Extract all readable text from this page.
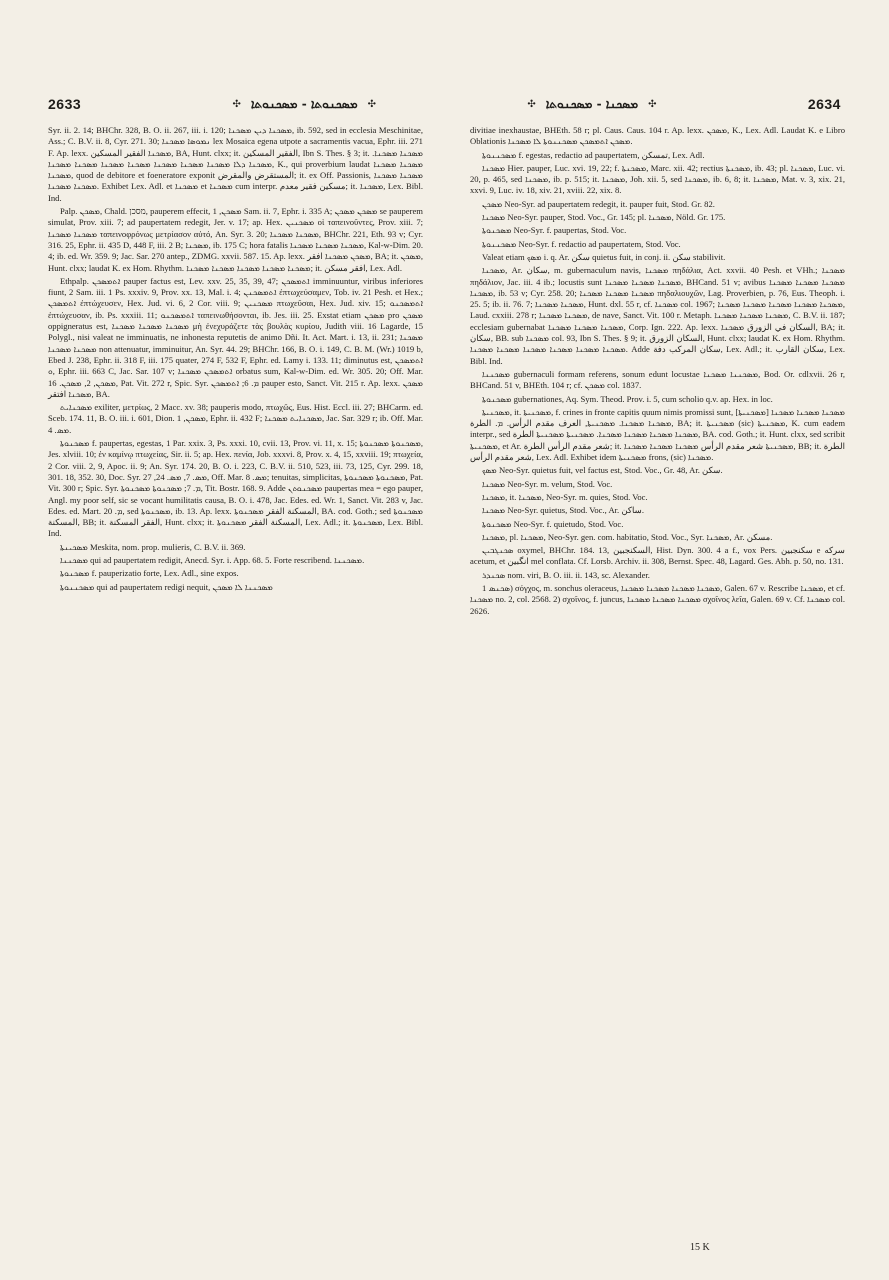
2633	✣ ܡܣܟܢܘܬܐ - ܡܣܟܢܘܬܐ ✣	✣ ܡܣܟܢܐ - ܡܣܟܢܘܬܐ ✣	2634

Syr. ii. 2. 14; BHChr. 328, B. O. ii. 267, iii. i. 120; ܡܣܟܢܐ ܕܝܢ ܡܣܟܢܐ, ib. 592, sed in ecclesia Meschinitae, Ass.; C. B.V. ii. 8, Cyr. 271. 30; ܢܡܘܣܐ ܡܣܟܢܐ lex Mosaica egena utpote a sacramentis vacua, Ephr. iii. 271 F. Ap. lexx. ܡܣܟܢܐ الفقير المسكين, BA, Hunt. clxx; it. الفقير المسكين, Ibn S. Thes. § 3; it. ܡܣܟܢܐ ܡܣܟܢܐ. ܡܣܟܢܐ ܕܠܐ ܡܣܟܢܐ ܡܣܟܢܐ ܡܣܟܢܐ ܡܣܟܢܐ ܡܣܟܢܐ ܡܣܟܢܐ ܡܣܟܢܐ, K., qui proverbium laudat ܡܣܟܢܐ ܡܣܟܢܐ ܡܣܟܢܐ, quod de debitore et foeneratore exponit المستقرض والمقرض; it. ex Off. Passionis, ܡܣܟܢܐ ܡܣܟܢܐ ܡܣܟܢܐ ܡܣܟܢܐ. Exhibet Lex. Adl. et ܡܣܟܢܐ et ܡܣܟܢܐ cum interpr. مسكين فقير معدم; it. ܡܣܟܢܐ, Lex. Bibl. Ind.

Palp. ܡܣܟܢ, Chald. מסכן, pauperem effecit, ܡܣܟܢ, 1 Sam. ii. 7, Ephr. i. 335 A; ܡܣܟܢ ܡܣܟܢ se pauperem simulat, Prov. xiii. 7; ad paupertatem redegit, Jer. v. 17; ap. Hex. ܡܣܟܢܝܢ οἱ ταπεινοῦντες, Prov. xiii. 7; ܡܣܟܢܐ ܡܣܟܢܐ ταπεινοφρόνως μετρίασον αὐτό, An. Syr. 3. 20; ܡܣܟܢܐ ܡܣܟܢܐ, BHChr. 221, Eth. 93 v; Cyr. 316. 25, Ephr. ii. 435 D, 448 F, iii. 2 B; ܡܣܟܢܐ, ib. 175 C; hora fatalis ܡܣܟܢܐ ܡܣܟܢܐ ܡܣܟܢܐ, Kal-w-Dim. 20. 4; ib. ed. Wr. 359. 9; Jac. Sar. 270 antep., ZDMG. xxvii. 587. 15. Ap. lexx. ܡܣܟܢ ܡܣܟܢܐ افقر, BA; it. ܡܣܟܢ, Hunt. clxx; laudat K. ex Hom. Rhythm. ܡܣܟܢܐ ܡܣܟܢܐ ܡܣܟܢܐ ܡܣܟܢܐ ܡܣܟܢܐ; it. افقر مسكن, Lex. Adl.

Ethpalp. ܐܬܡܣܟܢ pauper factus est, Lev. xxv. 25, 35, 39, 47; ܐܬܡܣܟܢ imminuuntur, viribus inferiores fiunt, 2 Sam. iii. 1 Ps. xxxiv. 9, Prov. xx. 13, Mal. i. 4; ܐܬܡܣܟܢܢ ἐπτωχεύσαμεν, Tob. iv. 21 Pesh. et Hex.; ܐܬܡܣܟܢ ἐπτώχευσεν, Hex. Jud. vi. 6, 2 Cor. viii. 9; ܡܣܟܢܝܢ πτωχεῦσαι, Hex. Jud. xiv. 15; ܐܬܡܣܟܢܘ ἐπτώχευσαν, ib. Ps. xxxiii. 11; ܐܬܡܣܟܢܘ ταπεινωθήσονται, ib. Jes. iii. 25. Exstat etiam ܡܣܟܢ pro ܡܣܟܢ oppigneratus est, ܡܣܟܢܐ ܡܣܟܢܐ ܡܣܟܢܐ μὴ ἐνεχυράζετε τὰς βουλὰς κυρίου, Judith viii. 16 Lagarde, 15 Polygl., nisi valeat ne imminuatis, ne inhonesta reputetis de animo Dñi. It. Act. Mart. i. 13, ii. 231; ܡܣܟܢܐ ܡܣܟܢܐ ܡܣܟܢܐ non attenuatur, imminuitur, An. Syr. 44. 29; BHChr. 166, B. O. i. 149, C. B. M. (Wr.) 1019 b, Ebed J. 238, Ephr. ii. 318 F, iii. 175 quater, 274 F, 532 F, Ephr. ed. Lamy i. 133. 11; diminutus est, ܐܬܡܣܟܢ ܘ, Ephr. iii. 663 C, Jac. Sar. 107 v; ܐܬܡܣܟܢ ܡܣܟܢܐ orbatus sum, Kal-w-Dim. ed. Wr. 305. 20; Off. Mar. ܡܣܟܢ, 2, ܡܣܟܢ. 16, Pat. Vit. 272 r, Spic. Syr. ܡ. 6; ܐܬܡܣܟܢ pauper esto, Sanct. Vit. 215 r. Ap. lexx. ܡܣܟܢ ܡܣܟܢܐ افتقر, BA.

ܡܣܟܢܐܝܬ exiliter, μετρίως, 2 Macc. xv. 38; pauperis modo, πτωχῶς, Eus. Hist. Eccl. iii. 27; BHCarm. ed. Sceb. 174. 11, B. O. iii. i. 601, Dion. ܡܣܟܢ, 1, Ephr. ii. 432 F; ܡܣܟܢܐܝܬ ܡܣܟܢܐ, Jac. Sar. 329 r; ib. Off. Mar. ܡܣ. 4.

ܡܣܟܢܘܬܐ f. paupertas, egestas, 1 Par. xxix. 3, Ps. xxxi. 10, cvii. 13, Prov. vi. 11, x. 15; ܡܣܟܢܘܬܐ ܡܣܟܢܘܬܐ, Jes. xlviii. 10; ἐν καμίνῳ πτωχείας, Sir. ii. 5; ap. Hex. πενία, Job. xxxvi. 8, Prov. x. 4, 15, xxviii. 19; πτωχεία, 2 Cor. viii. 2, 9, Apoc. ii. 9; An. Syr. 174. 20, B. O. i. 223, C. B.V. ii. 510, 523, iii. 73, 125, Cyr. 299. 18, 301. 18, 352. 30, Doc. Syr. ܡܣ. 7, ܡܣ. 24, 27, Off. Mar. ܡܣ. 8; tenuitas, simplicitas, ܡܣܟܢܘܬܐ ܡܣܟܢܘܬܐ, Pat. Vit. 300 r; Spic. Syr. ܡ. 7; ܡܣܟܢܘܬܐ ܡܣܟܢܘܬܐ, Tit. Bostr. 168. 9. Adde ܡܣܟܢܘܬܢ paupertas mea = ego pauper, Angl. my poor self, sic se vocant humilitatis causa, B. O. i. 478, Jac. Edes. ed. Wr. 1, Sanct. Vit. 283 v, Jac. Edes. ed. Mart. ܡ. 20, sed ܡܣܟܢܘܬܐ, ib. 13. Ap. lexx. المسكنة الفقر ܡܣܟܢܘܬܐ, BA. cod. Goth.; sed ܡܣܟܢܘܬܐ المسكنة, BB; it. الفقر المسكنة, Hunt. clxx; it. المسكنة الفقر ܡܣܟܢܘܬܐ, Lex. Adl.; it. ܡܣܟܢܘܬܐ, Lex. Bibl. Ind.

ܡܣܟܝܢܬܐ Meskita, nom. prop. mulieris, C. B.V. ii. 369.

ܡܣܟܢܢܐ qui ad paupertatem redigit, Anecd. Syr. i. App. 68. 5. Forte rescribend. ܡܣܟܢܢܐ.

ܡܣܟܢܘܬܐ f. pauperizatio forte, Lex. Adl., sine expos.

ܡܣܟܢܢܘܬܐ qui ad paupertatem redigi nequit, ܡܣܟܢܢܐ ܠܐ ܡܣܟܢ

divitiae inexhaustae, BHEth. 58 r; pl. Caus. Caus. 104 r. Ap. lexx. ܡܣܟܢ, K., Lex. Adl. Laudat K. e Libro Oblationis ܡܣܟܢ ܐܬܡܣܟܢ ܡܣܟܢܢܘܬܐ ܠܐ ܡܣܟܢܐ.

ܡܣܟܢܢܘܬܐ f. egestas, redactio ad paupertatem, تمسكن, Lex. Adl.

ܡܣܟܢܐ Hier. pauper, Luc. xvi. 19, 22; f. ܡܣܟܢܬܐ, Marc. xii. 42; rectius ܡܣܟܢܬܐ, ib. 43; pl. ܡܣܟܢܐ, Luc. vi. 20, p. 465, sed ܡܣܟܢܐ, ib. p. 515; it. ܡܣܟܢܐ, Joh. xii. 5, sed ܡܣܟܢܐ, ib. 6, 8; it. ܡܣܟܢܐ, Mat. v. 3, xix. 21, xxvi. 9, Luc. iv. 18, xiv. 21, xviii. 22, xix. 8.

ܡܣܟܢ Neo-Syr. ad paupertatem redegit, it. pauper fuit, Stod. Gr. 82.

ܡܣܟܢܐ Neo-Syr. pauper, Stod. Voc., Gr. 145; pl. ܡܣܟܢܐ, Nöld. Gr. 175.

ܡܣܟܢܘܬܐ Neo-Syr. f. paupertas, Stod. Voc.

ܡܣܟܢܢܘܬܐ Neo-Syr. f. redactio ad paupertatem, Stod. Voc.

Valeat etiam ܡܣܟ i. q. Ar. سكن quietus fuit, in conj. ii. سكن stabilivit.

ܡܣܟܢܐ, Ar. سكان, m. gubernaculum navis, ܡܣܟܢܐ πηδάλια, Act. xxvii. 40 Pesh. et VHh.; ܡܣܟܢܐ πηδάλιον, Jac. iii. 4 ib.; locustis sunt ܡܣܟܢܐ ܡܣܟܢܐ ܡܣܟܢܐ, BHCand. 51 v; avibus ܡܣܟܢܐ ܡܣܟܢܐ ܡܣܟܢܐ ܡܣܟܢܐ, ib. 53 v; Cyr. 258. 20; ܡܣܟܢܐ ܡܣܟܢܐ ܡܣܟܢܐ πηδαλιουχῶν, Lag. Proverbien, p. 76, Eus. Theoph. i. 25. 5; ib. ii. 76. 7; ܡܣܟܢܐ ܡܣܟܢܐ, Hunt. dxl. 55 r, cf. ܡܣܟܢܐ col. 1967; ܡܣܟܢܐ ܡܣܟܢܐ ܡܣܟܢܐ ܡܣܟܢܐ ܡܣܟܢܐ, Laud. cxxiii. 278 r; ܡܣܟܢܐ ܡܣܟܢܐ, de nave, Sanct. Vit. 100 r. Metaph. ܡܣܟܢܐ ܡܣܟܢܐ ܡܣܟܢܐ, C. B.V. ii. 187; ecclesiam gubernabat ܡܣܟܢܐ ܡܣܟܢܐ ܡܣܟܢܐ, Corp. Ign. 222. Ap. lexx. السكان في الزورق ܡܣܟܢܐ, BA; it. سكان, BB. sub ܡܣܟܢܐ col. 93, Ibn S. Thes. § 9; it. السكان الزورق, Hunt. clxx; laudat K. ex Hom. Rhythm. ܡܣܟܢܐ ܡܣܟܢܐ ܡܣܟܢܐ ܡܣܟܢܐ ܡܣܟܢܐ ܡܣܟܢܐ. Adde سكان المركب دفة, Lex. Adl.; it. سكان القارب, Lex. Bibl. Ind.

ܡܣܟܢܢܐ gubernaculi formam referens, sonum edunt locustae ܡܣܟܢܢܐ ܡܣܟܢܐ, Bod. Or. cdlxvii. 26 r, BHCand. 51 v, BHEth. 104 r; cf. ܡܣܟܢ col. 1837.

ܡܣܟܢܘܬܐ gubernationes, Aq. Sym. Theod. Prov. i. 5, cum scholio q.v. ap. Hex. in loc.

ܡܣܟܢܝܬܐ, it. ܡܣܟܢܝܬܐ, f. crines in fronte capitis quum nimis promissi sunt, [ܡܣܟܢܝܬܐ] ܡܣܟܢܐ ܡܣܟܢܐ ܡܣܟܢܐ ܡܣܟܢܐ ܡܣܟܢܐ. ܡܣܟܢܝܬܐ, العرف مقدم الرأس. ܡ. الطرة, BA; it. ܡܣܟܢܝܬܐ (sic) ܡܣܟܢܝܬܐ, K. cum eadem interpr., sed ܡܣܟܢܐ ܡܣܟܢܐ ܡܣܟܢܐ ܡܣܟܢܐ. ܡܣܟܢܝܬܐ ܡܣܟܢܝܬܐ الطرة, BA. cod. Goth.; it. Hunt. clxx, sed scribit ܡܣܟܢܝܬܐ, et Ar. شعر مقدم الرأس الطرة; it. ܡܣܟܢܝܬܐ شعر مقدم الرأس ܡܣܟܢܐ ܡܣܟܢܐ ܡܣܟܢܐ, BB; it. الطرة شعر مقدم الرأس, Lex. Adl. Exhibet idem ܡܣܟܢܝܬܐ frons, (sic) ܡܣܟܢܐ.

ܡܣܟ Neo-Syr. quietus fuit, vel factus est, Stod. Voc., Gr. 48, Ar. سكن.

ܡܣܟܢܐ Neo-Syr. m. velum, Stod. Voc.

ܡܣܟܢܐ, it. ܡܣܟܢܐ, Neo-Syr. m. quies, Stod. Voc.

ܡܣܟܢܐ Neo-Syr. quietus, Stod. Voc., Ar. ساكن.

ܡܣܟܢܘܬܐ Neo-Syr. f. quietudo, Stod. Voc.

ܡܣܟܢܐ, pl. ܡܣܟܢܐ, Neo-Syr. gen. com. habitatio, Stod. Voc., Syr. ܡܣܟܢܐ, Ar. مسكن.

ܣܟܢܓܒܝܢ oxymel, BHChr. 184. 13, السكنجبين, Hist. Dyn. 300. 4 a f., vox Pers. سكنجبين e سركه acetum, et انگبين mel conflata. Cf. Lorsb. Archiv. ii. 308, Bernst. Spec. 48, Lagard. Ges. Abh. p. 50, no. 131.

ܣܟܢܕܪ nom. viri, B. O. iii. ii. 143, sc. Alexander.

ܣܟܢܣ 1) σόγχος, m. sonchus oleraceus, ܡܣܟܢܐ ܡܣܟܢܐ ܡܣܟܢܐ ܡܣܟܢܐ, Galen. 67 v. Rescribe ܡܣܟܢܐ, et cf. ܡܣܟܢܐ no. 2, col. 2568. 2) σχοῖνος, f. juncus, ܡܣܟܢܐ ܡܣܟܢܐ ܡܣܟܢܐ σχοῖνος λεῖα, Galen. 69 v. Cf. ܡܣܟܢܐ col. 2626.

15 K
